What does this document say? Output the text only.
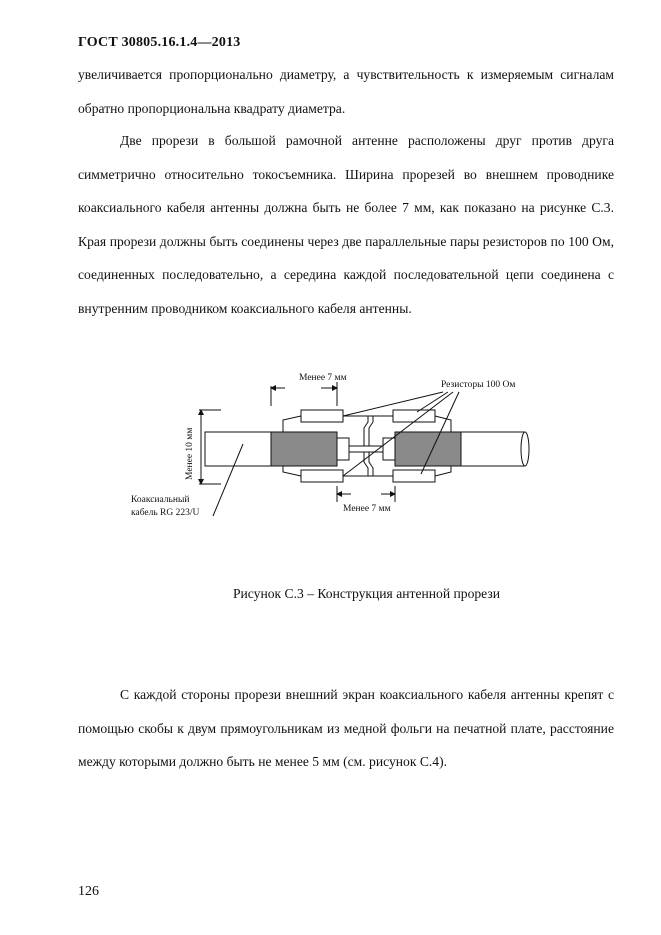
ГОСТ 30805.16.1.4—2013

увеличивается пропорционально диаметру, а чувствительность к измеряемым сигналам обратно пропорциональна квадрату диаметра.

Две прорези в большой рамочной антенне расположены друг против друга симметрично относительно токосъемника. Ширина прорезей во внешнем проводнике коаксиального кабеля антенны должна быть не более 7 мм, как показано на рисунке С.3. Края прорези должны быть соединены через две параллельные пары резисторов по 100 Ом, соединенных последовательно, а середина каждой последовательной цепи соединена с внутренним проводником коаксиального кабеля антенны.

Менее 7 мм
Резисторы 100 Ом
Менее 10 мм
Коаксиальный
кабель RG 223/U	Менее 7 мм
Рисунок С.3 – Конструкция антенной прорези

С каждой стороны прорези внешний экран коаксиального кабеля антенны крепят с помощью скобы к двум прямоугольникам из медной фольги на печатной плате, расстояние между которыми должно быть не менее 5 мм (см. рисунок С.4).

126
